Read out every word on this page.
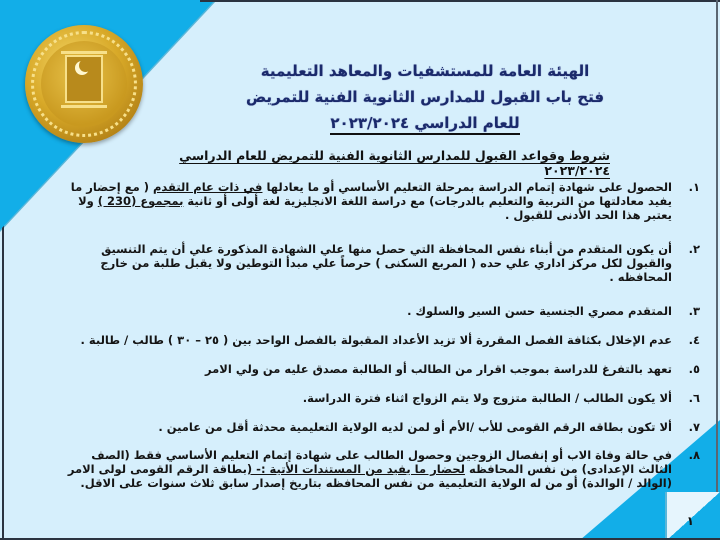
الهيئة العامة للمستشفيات والمعاهد التعليمية
فتح باب القبول للمدارس الثانوية الفنية للتمريض
للعام الدراسي ٢٠٢٣/٢٠٢٤
شروط وقواعد القبول للمدارس الثانوية الفنية للتمريض للعام الدراسي ٢٠٢٣/٢٠٢٤
١.
الحصول على شهادة إتمام الدراسة بمرحلة التعليم الأساسي أو ما يعادلها في ذات عام التقدم ( مع إحضار ما يفيد معادلتها من التربية والتعليم بالدرجات) مع دراسة اللغة الانجليزية لغة أولى أو ثانية بمجموع (230 ) ولا يعتبر هذا الحد الأدنى للقبول .
٢.
أن يكون المتقدم من أبناء نفس المحافظة التي حصل منها علي الشهادة المذكورة علي أن يتم التنسيق والقبول لكل مركز اداري علي حده ( المربع السكنى ) حرصاً علي مبدأ التوطين ولا يقبل طلبة من خارج المحافظه .
٣.
المتقدم مصري الجنسية حسن السير والسلوك .
٤.
عدم الإخلال بكثافة الفصل المقررة ألا تزيد الأعداد المقبولة بالفصل الواحد بين ( ٢٥ – ٣٠ ) طالب / طالبة .
٥.
تعهد بالتفرغ للدراسة بموجب اقرار من الطالب أو الطالبة مصدق عليه من ولي الامر
٦.
ألا يكون الطالب / الطالبة متزوج ولا يتم الزواج اثناء فترة الدراسة.
٧.
ألا تكون بطاقه الرقم القومى للأب /الأم أو لمن لديه الولاية التعليمية محدثة أقل من عامين .
٨.
في حالة وفاة الاب أو إنفصال الزوجين وحصول الطالب على شهادة إتمام التعليم الأساسي فقط (الصف الثالث الإعدادى) من نفس المحافظه لحضار ما يفيد من المستندات الأتية :- (بطاقة الرقم القومى لولى الامر (الوالد / الوالدة) أو من له الولاية التعليمية من نفس المحافظه بتاريخ إصدار سابق ثلاث سنوات على الاقل.
١
